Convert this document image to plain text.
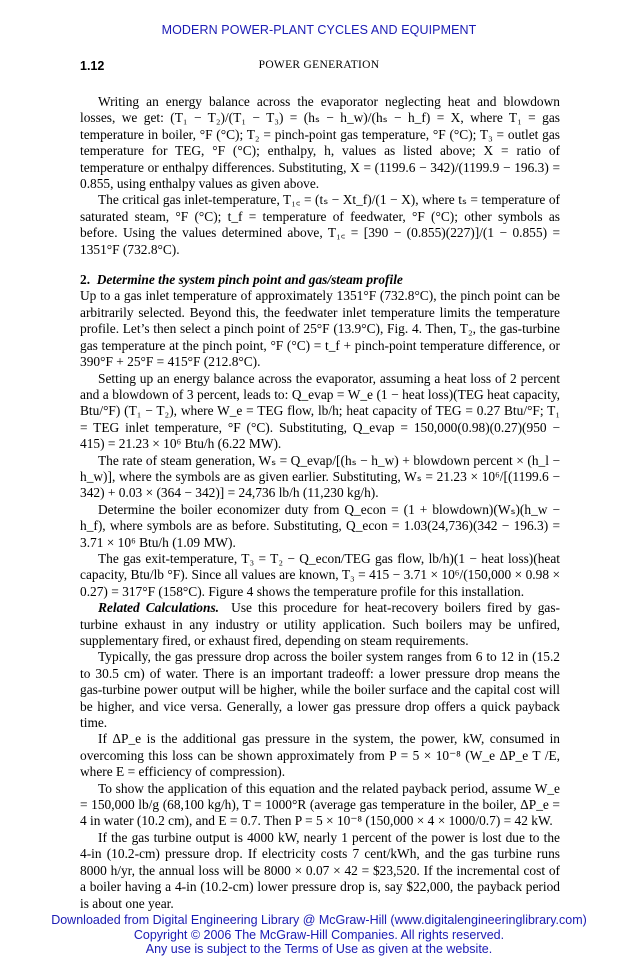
MODERN POWER-PLANT CYCLES AND EQUIPMENT
1.12	POWER GENERATION

Writing an energy balance across the evaporator neglecting heat and blowdown losses, we get: (T₁ − T₂)/(T₁ − T₃) = (hₛ − h_w)/(hₛ − h_f) = X, where T₁ = gas temperature in boiler, °F (°C); T₂ = pinch-point gas temperature, °F (°C); T₃ = outlet gas temperature for TEG, °F (°C); enthalpy, h, values as listed above; X = ratio of temperature or enthalpy differences. Substituting, X = (1199.6 − 342)/(1199.9 − 196.3) = 0.855, using enthalpy values as given above.

The critical gas inlet-temperature, T₁꜀ = (tₛ − Xt_f)/(1 − X), where tₛ = temperature of saturated steam, °F (°C); t_f = temperature of feedwater, °F (°C); other symbols as before. Using the values determined above, T₁꜀ = [390 − (0.855)(227)]/(1 − 0.855) = 1351°F (732.8°C).

2. Determine the system pinch point and gas/steam profile

Up to a gas inlet temperature of approximately 1351°F (732.8°C), the pinch point can be arbitrarily selected. Beyond this, the feedwater inlet temperature limits the temperature profile. Let’s then select a pinch point of 25°F (13.9°C), Fig. 4. Then, T₂, the gas-turbine gas temperature at the pinch point, °F (°C) = t_f + pinch-point temperature difference, or 390°F + 25°F = 415°F (212.8°C).

Setting up an energy balance across the evaporator, assuming a heat loss of 2 percent and a blowdown of 3 percent, leads to: Q_evap = W_e (1 − heat loss)(TEG heat capacity, Btu/°F) (T₁ − T₂), where W_e = TEG flow, lb/h; heat capacity of TEG = 0.27 Btu/°F; T₁ = TEG inlet temperature, °F (°C). Substituting, Q_evap = 150,000(0.98)(0.27)(950 − 415) = 21.23 × 10⁶ Btu/h (6.22 MW).

The rate of steam generation, Wₛ = Q_evap/[(hₛ − h_w) + blowdown percent × (h_l − h_w)], where the symbols are as given earlier. Substituting, Wₛ = 21.23 × 10⁶/[(1199.6 − 342) + 0.03 × (364 − 342)] = 24,736 lb/h (11,230 kg/h).

Determine the boiler economizer duty from Q_econ = (1 + blowdown)(Wₛ)(h_w − h_f), where symbols are as before. Substituting, Q_econ = 1.03(24,736)(342 − 196.3) = 3.71 × 10⁶ Btu/h (1.09 MW).

The gas exit-temperature, T₃ = T₂ − Q_econ/TEG gas flow, lb/h)(1 − heat loss)(heat capacity, Btu/lb °F). Since all values are known, T₃ = 415 − 3.71 × 10⁶/(150,000 × 0.98 × 0.27) = 317°F (158°C). Figure 4 shows the temperature profile for this installation.

Related Calculations. Use this procedure for heat-recovery boilers fired by gas-turbine exhaust in any industry or utility application. Such boilers may be unfired, supplementary fired, or exhaust fired, depending on steam requirements.

Typically, the gas pressure drop across the boiler system ranges from 6 to 12 in (15.2 to 30.5 cm) of water. There is an important tradeoff: a lower pressure drop means the gas-turbine power output will be higher, while the boiler surface and the capital cost will be higher, and vice versa. Generally, a lower gas pressure drop offers a quick payback time.

If ΔP_e is the additional gas pressure in the system, the power, kW, consumed in overcoming this loss can be shown approximately from P = 5 × 10⁻⁸ (W_e ΔP_e T /E, where E = efficiency of compression).

To show the application of this equation and the related payback period, assume W_e = 150,000 lb/g (68,100 kg/h), T = 1000°R (average gas temperature in the boiler, ΔP_e = 4 in water (10.2 cm), and E = 0.7. Then P = 5 × 10⁻⁸ (150,000 × 4 × 1000/0.7) = 42 kW.

If the gas turbine output is 4000 kW, nearly 1 percent of the power is lost due to the 4-in (10.2-cm) pressure drop. If electricity costs 7 cent/kWh, and the gas turbine runs 8000 h/yr, the annual loss will be 8000 × 0.07 × 42 = $23,520. If the incremental cost of a boiler having a 4-in (10.2-cm) lower pressure drop is, say $22,000, the payback period is about one year.

Downloaded from Digital Engineering Library @ McGraw-Hill (www.digitalengineeringlibrary.com)
Copyright © 2006 The McGraw-Hill Companies. All rights reserved.
Any use is subject to the Terms of Use as given at the website.
